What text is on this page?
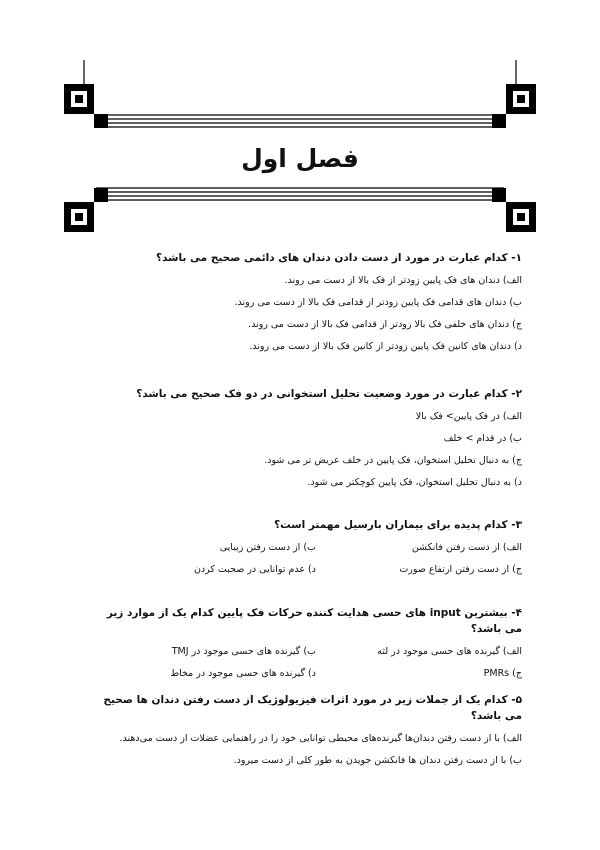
فصل اول

۱- کدام عبارت در مورد از دست دادن دندان های دائمی صحیح می باشد؟

الف) دندان های فک پایین زودتر از فک بالا از دست می روند.
ب) دندان های قدامی فک پایین زودتر از قدامی فک بالا از دست می روند.
ج) دندان های خلفی فک بالا زودتر از قدامی فک بالا از دست می روند.
د) دندان های کانین فک پایین زودتر از کانین فک بالا از دست می روند.

۲- کدام عبارت در مورد وضعیت تحلیل استخوانی در دو فک صحیح می باشد؟

الف) در فک پایین> فک بالا
ب) در قدام > خلف
ج) به دنبال تحلیل استخوان، فک پایین در خلف عریض تر می شود.
د) به دنبال تحلیل استخوان، فک پایین کوچکتر می شود.

۳- کدام پدیده برای بیماران بارسیل مهمتر است؟

الف) از دست رفتن فانکشن
ب) از دست رفتن زیبایی
ج) از دست رفتن ارتفاع صورت
د) عدم توانایی در صحبت کردن

۴- بیشترین input های حسی هدایت کننده حرکات فک پایین کدام یک از موارد زیر می باشد؟

الف) گیرنده های حسی موجود در لثه
ب) گیرنده های حسی موجود در TMJ
ج) PMRs
د) گیرنده های حسی موجود در مخاط

۵- کدام یک از جملات زیر در مورد اثرات فیزیولوژیک از دست رفتن دندان ها صحیح می باشد؟

الف) با از دست رفتن دندان‌ها گیرنده‌های محیطی توانایی خود را در راهنمایی عضلات از دست می‌دهند.
ب) با از دست رفتن دندان ها فانکشن جویدن به طور کلی از دست میرود.
